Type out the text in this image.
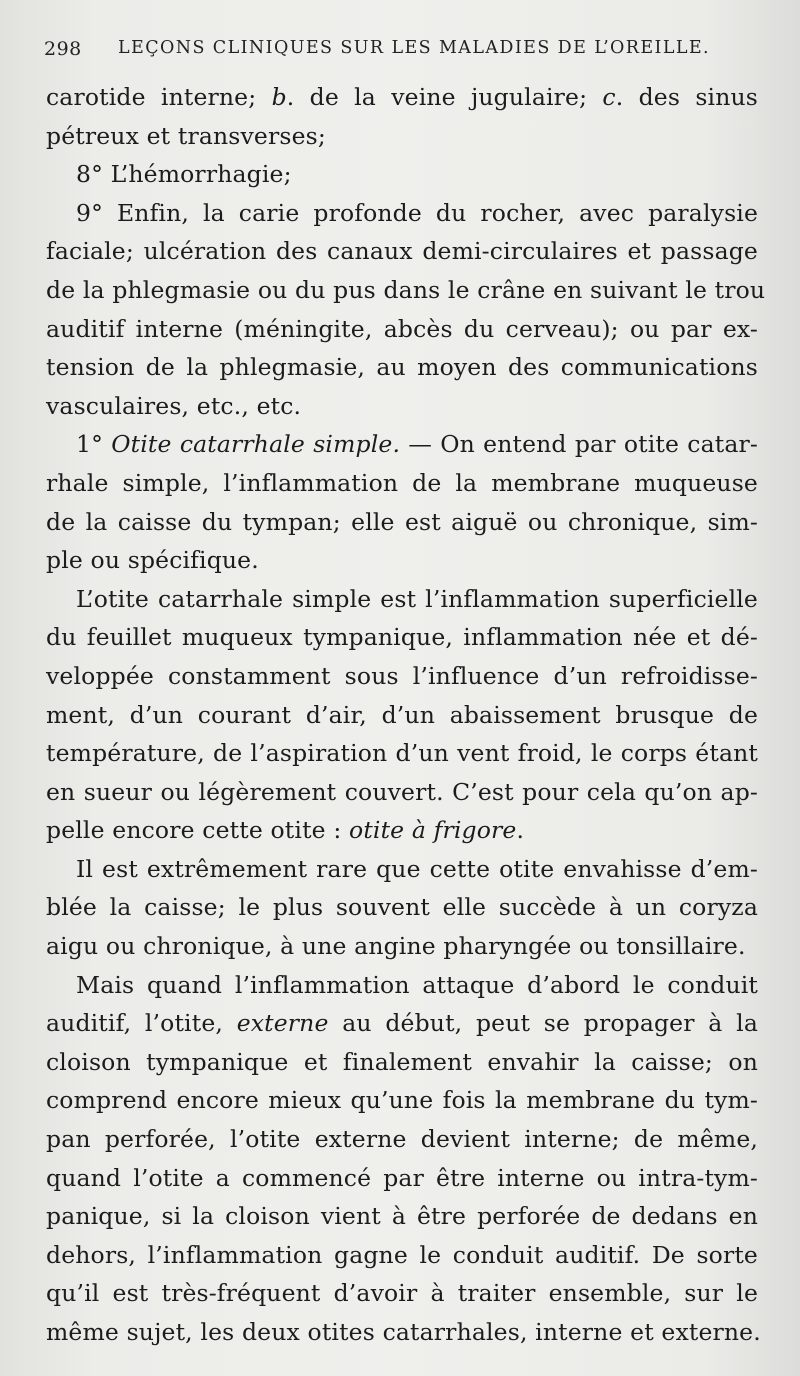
298 LEÇONS CLINIQUES SUR LES MALADIES DE L’OREILLE.
carotide interne; b. de la veine jugulaire; c. des sinus
pétreux et transverses;
8° L’hémorrhagie;
9° Enfin, la carie profonde du rocher, avec paralysie
faciale; ulcération des canaux demi-circulaires et passage
de la phlegmasie ou du pus dans le crâne en suivant le trou
auditif interne (méningite, abcès du cerveau); ou par ex-
tension de la phlegmasie, au moyen des communications
vasculaires, etc., etc.
1° Otite catarrhale simple. — On entend par otite catar-
rhale simple, l’inflammation de la membrane muqueuse
de la caisse du tympan; elle est aiguë ou chronique, sim-
ple ou spécifique.
L’otite catarrhale simple est l’inflammation superficielle
du feuillet muqueux tympanique, inflammation née et dé-
veloppée constamment sous l’influence d’un refroidisse-
ment, d’un courant d’air, d’un abaissement brusque de
température, de l’aspiration d’un vent froid, le corps étant
en sueur ou légèrement couvert. C’est pour cela qu’on ap-
pelle encore cette otite : otite à frigore.
Il est extrêmement rare que cette otite envahisse d’em-
blée la caisse; le plus souvent elle succède à un coryza
aigu ou chronique, à une angine pharyngée ou tonsillaire.
Mais quand l’inflammation attaque d’abord le conduit
auditif, l’otite, externe au début, peut se propager à la
cloison tympanique et finalement envahir la caisse; on
comprend encore mieux qu’une fois la membrane du tym-
pan perforée, l’otite externe devient interne; de même,
quand l’otite a commencé par être interne ou intra-tym-
panique, si la cloison vient à être perforée de dedans en
dehors, l’inflammation gagne le conduit auditif. De sorte
qu’il est très-fréquent d’avoir à traiter ensemble, sur le
même sujet, les deux otites catarrhales, interne et externe.
